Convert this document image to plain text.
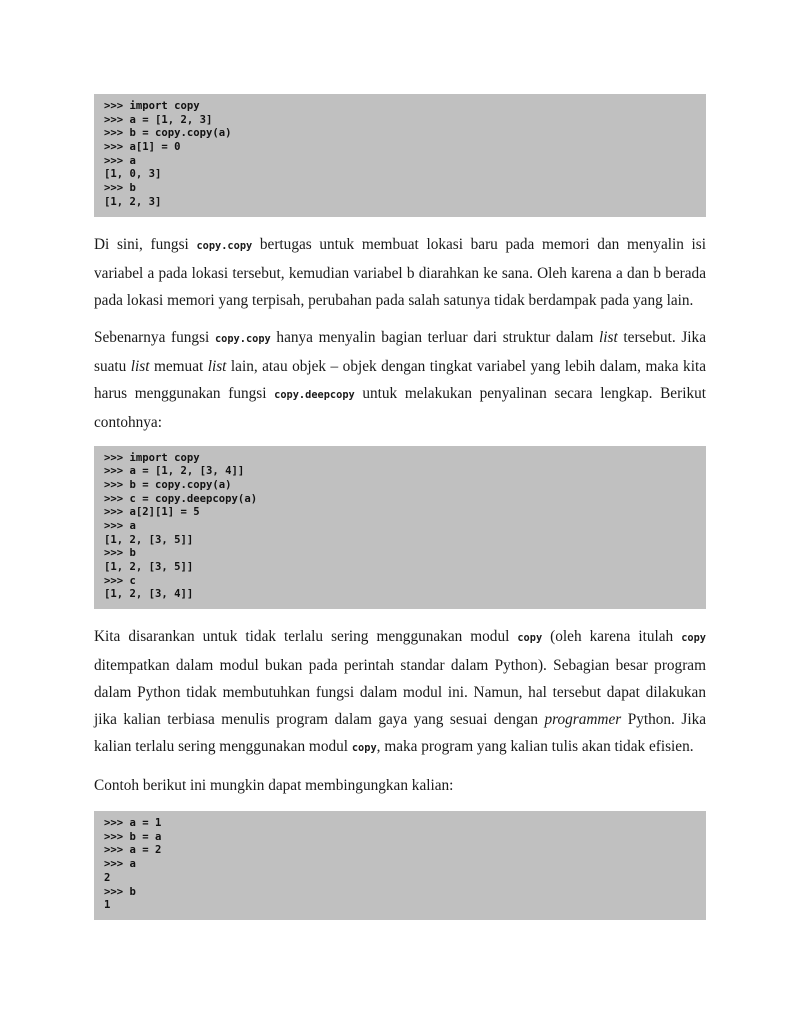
>>> import copy
>>> a = [1, 2, 3]
>>> b = copy.copy(a)
>>> a[1] = 0
>>> a
[1, 0, 3]
>>> b
[1, 2, 3]

Di sini, fungsi copy.copy bertugas untuk membuat lokasi baru pada memori dan menyalin isi variabel a pada lokasi tersebut, kemudian variabel b diarahkan ke sana. Oleh karena a dan b berada pada lokasi memori yang terpisah, perubahan pada salah satunya tidak berdampak pada yang lain.

Sebenarnya fungsi copy.copy hanya menyalin bagian terluar dari struktur dalam list tersebut. Jika suatu list memuat list lain, atau objek – objek dengan tingkat variabel yang lebih dalam, maka kita harus menggunakan fungsi copy.deepcopy untuk melakukan penyalinan secara lengkap. Berikut contohnya:

>>> import copy
>>> a = [1, 2, [3, 4]]
>>> b = copy.copy(a)
>>> c = copy.deepcopy(a)
>>> a[2][1] = 5
>>> a
[1, 2, [3, 5]]
>>> b
[1, 2, [3, 5]]
>>> c
[1, 2, [3, 4]]

Kita disarankan untuk tidak terlalu sering menggunakan modul copy (oleh karena itulah copy ditempatkan dalam modul bukan pada perintah standar dalam Python). Sebagian besar program dalam Python tidak membutuhkan fungsi dalam modul ini. Namun, hal tersebut dapat dilakukan jika kalian terbiasa menulis program dalam gaya yang sesuai dengan programmer Python. Jika kalian terlalu sering menggunakan modul copy, maka program yang kalian tulis akan tidak efisien.

Contoh berikut ini mungkin dapat membingungkan kalian:

>>> a = 1
>>> b = a
>>> a = 2
>>> a
2
>>> b
1
